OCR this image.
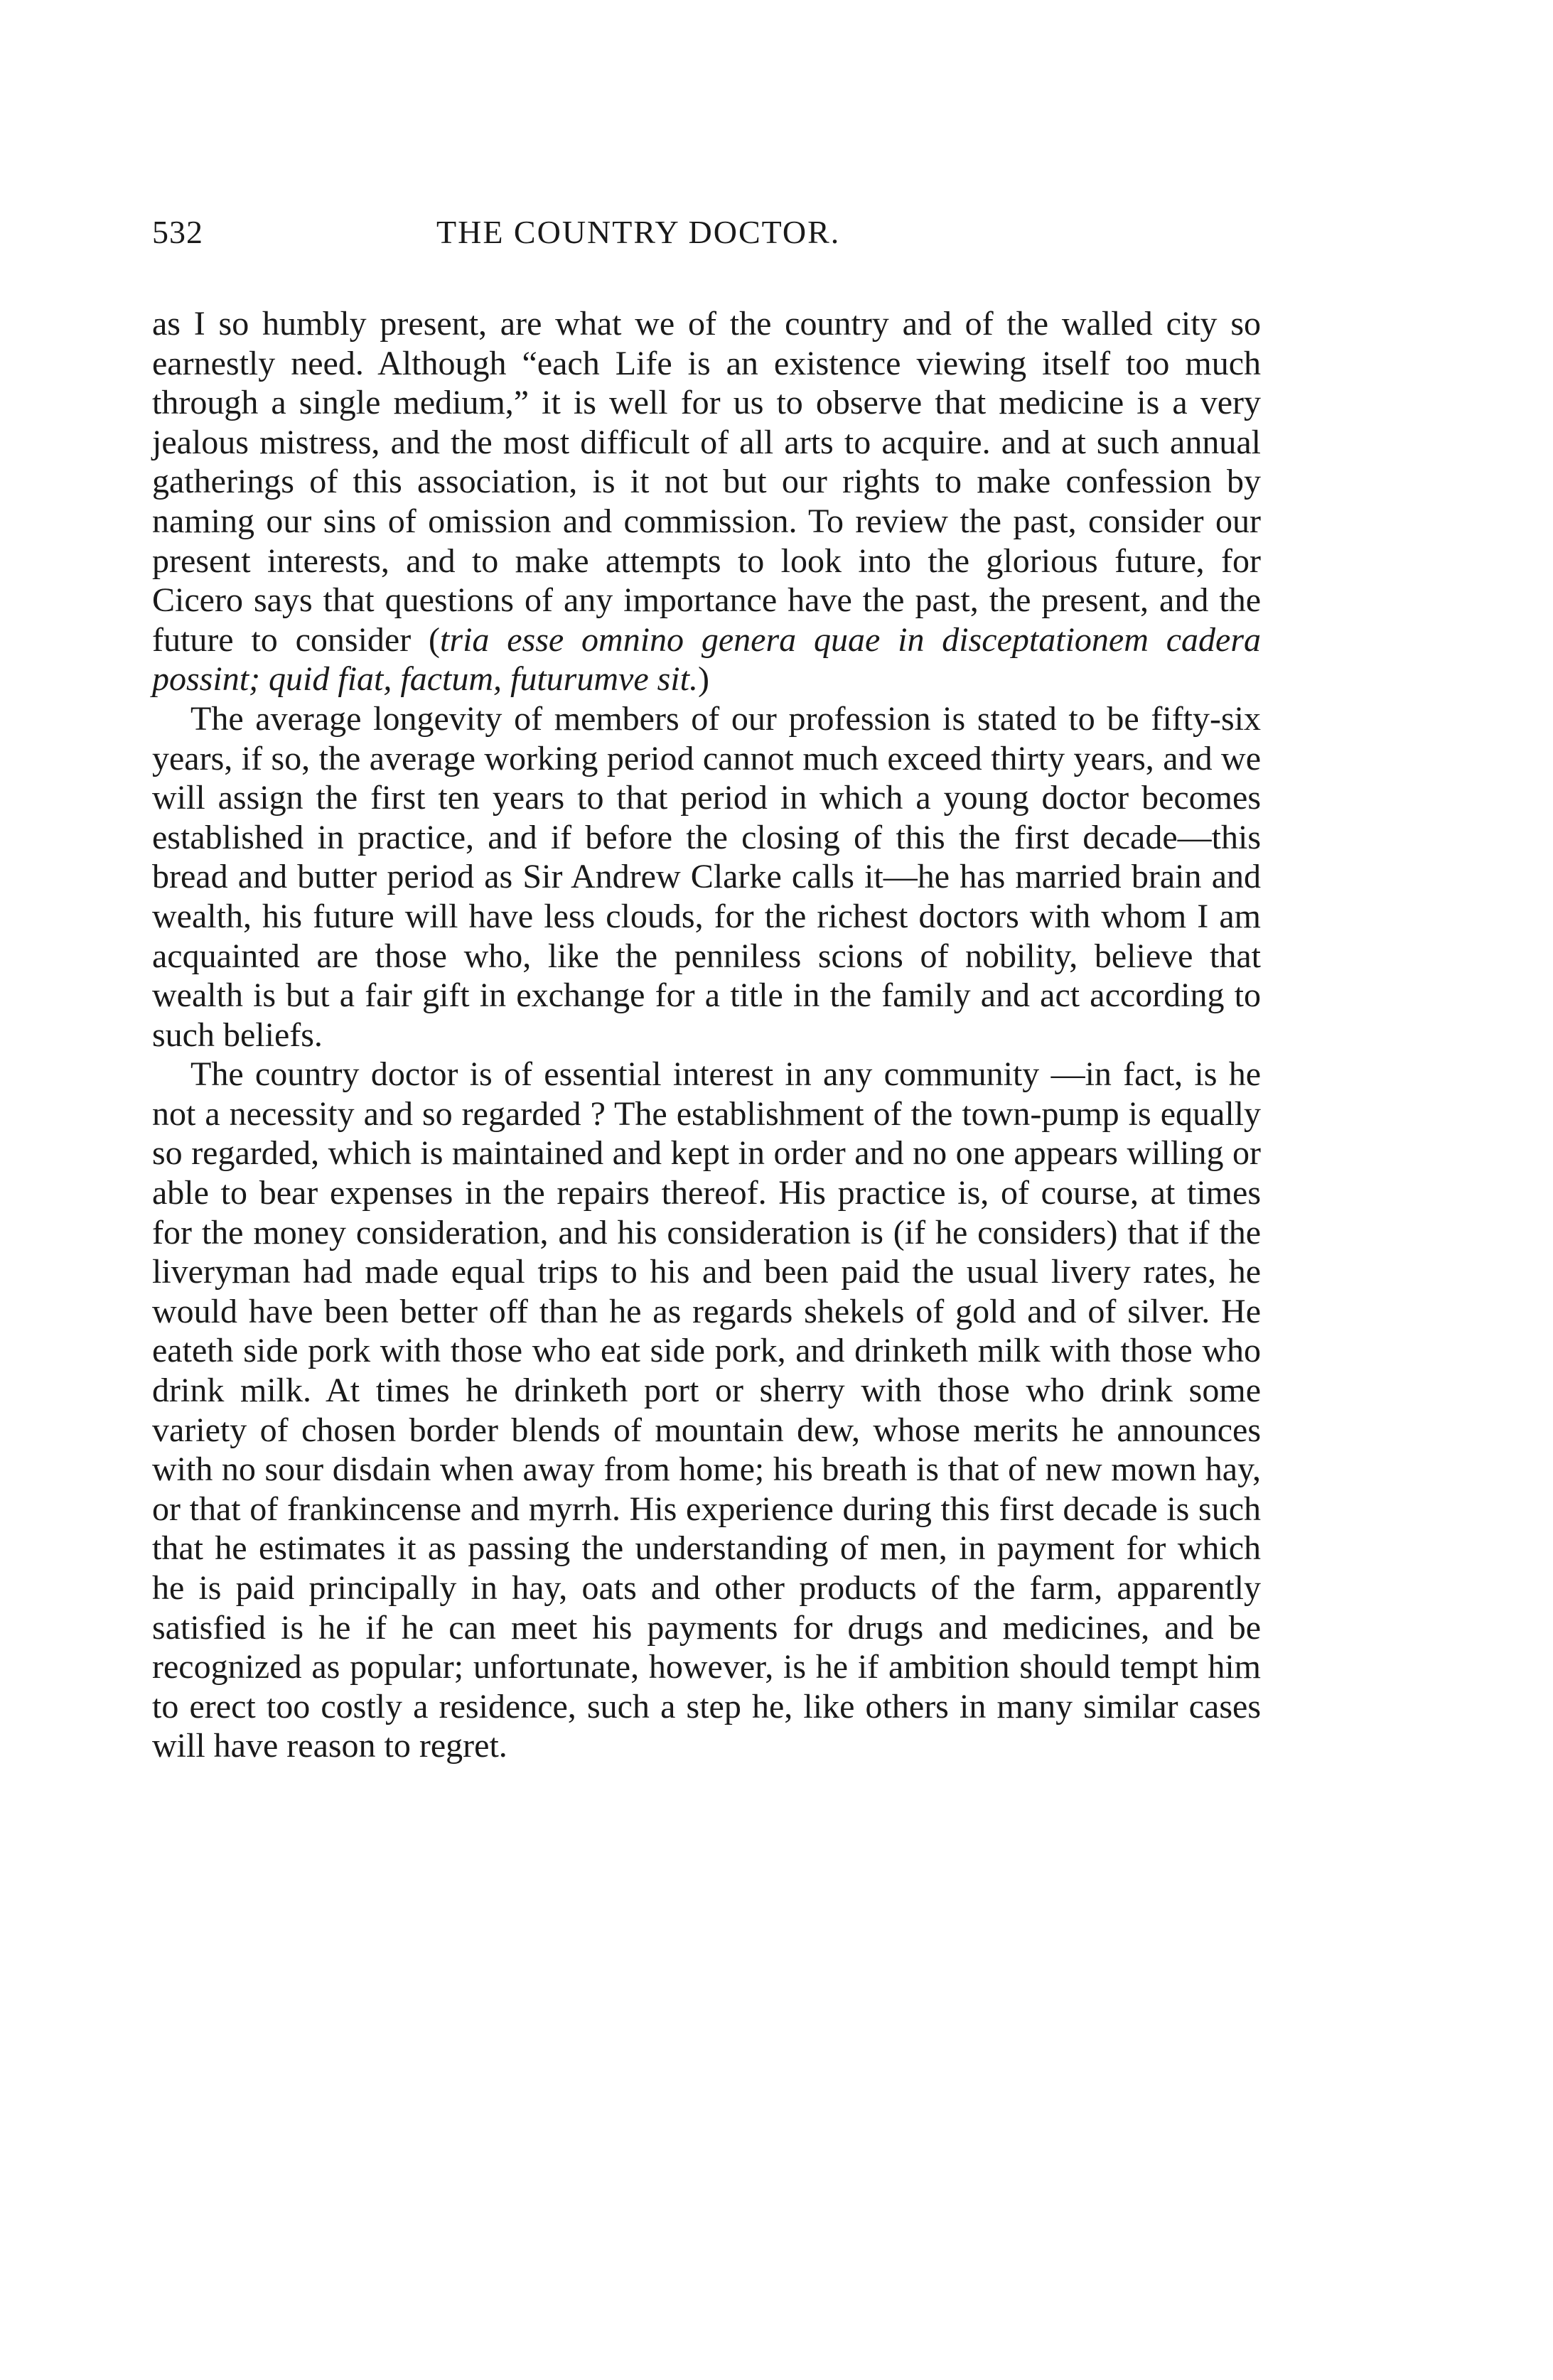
532	THE COUNTRY DOCTOR.

as I so humbly present, are what we of the country and of the walled city so earnestly need. Although “each Life is an existence viewing itself too much through a single medium,” it is well for us to observe that medicine is a very jealous mistress, and the most difficult of all arts to acquire. and at such annual gatherings of this association, is it not but our rights to make confession by naming our sins of omission and commission. To review the past, consider our present interests, and to make attempts to look into the glorious future, for Cicero says that questions of any importance have the past, the present, and the future to consider (tria esse omnino genera quae in disceptationem cadera possint; quid fiat, factum, futurumve sit.)

The average longevity of members of our profession is stated to be fifty-six years, if so, the average working period cannot much exceed thirty years, and we will assign the first ten years to that period in which a young doctor becomes established in practice, and if before the closing of this the first decade—this bread and butter period as Sir Andrew Clarke calls it—he has married brain and wealth, his future will have less clouds, for the richest doctors with whom I am acquainted are those who, like the penniless scions of nobility, believe that wealth is but a fair gift in exchange for a title in the family and act according to such beliefs.

The country doctor is of essential interest in any community —in fact, is he not a necessity and so regarded ? The establishment of the town-pump is equally so regarded, which is maintained and kept in order and no one appears willing or able to bear expenses in the repairs thereof. His practice is, of course, at times for the money consideration, and his consideration is (if he considers) that if the liveryman had made equal trips to his and been paid the usual livery rates, he would have been better off than he as regards shekels of gold and of silver. He eateth side pork with those who eat side pork, and drinketh milk with those who drink milk. At times he drinketh port or sherry with those who drink some variety of chosen border blends of mountain dew, whose merits he announces with no sour disdain when away from home; his breath is that of new mown hay, or that of frankincense and myrrh. His experience during this first decade is such that he estimates it as passing the understanding of men, in payment for which he is paid principally in hay, oats and other products of the farm, apparently satisfied is he if he can meet his payments for drugs and medicines, and be recognized as popular; unfortunate, however, is he if ambition should tempt him to erect too costly a residence, such a step he, like others in many similar cases will have reason to regret.
